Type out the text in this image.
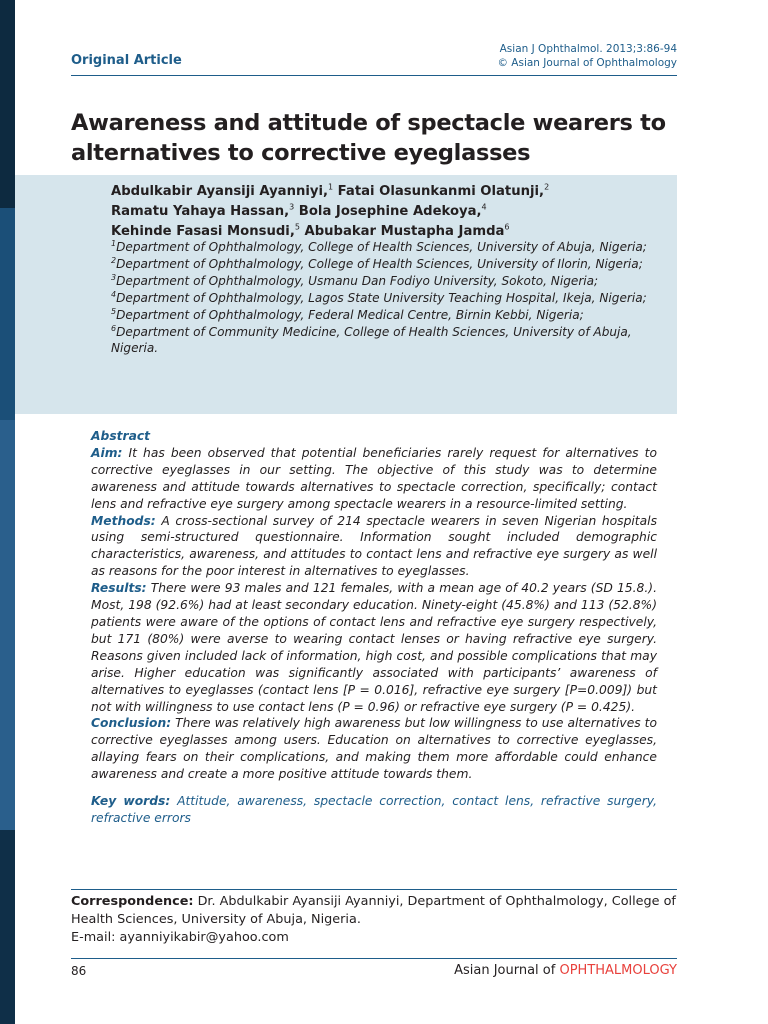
Asian J Ophthalmol. 2013;3:86-94
© Asian Journal of Ophthalmology
Original Article
Awareness and attitude of spectacle wearers to alternatives to corrective eyeglasses
Abdulkabir Ayansiji Ayanniyi,$^1$ Fatai Olasunkanmi Olatunji,$^2$
Ramatu Yahaya Hassan,$^3$ Bola Josephine Adekoya,$^4$
Kehinde Fasasi Monsudi,$^5$ Abubakar Mustapha Jamda$^6$
$^1$Department of Ophthalmology, College of Health Sciences, University of Abuja, Nigeria;
$^2$Department of Ophthalmology, College of Health Sciences, University of Ilorin, Nigeria;
$^3$Department of Ophthalmology, Usmanu Dan Fodiyo University, Sokoto, Nigeria;
$^4$Department of Ophthalmology, Lagos State University Teaching Hospital, Ikeja, Nigeria;
$^5$Department of Ophthalmology, Federal Medical Centre, Birnin Kebbi, Nigeria;
$^6$Department of Community Medicine, College of Health Sciences, University of Abuja, Nigeria.

Abstract

Aim: It has been observed that potential beneficiaries rarely request for alternatives to corrective eyeglasses in our setting. The objective of this study was to determine awareness and attitude towards alternatives to spectacle correction, specifically; contact lens and refractive eye surgery among spectacle wearers in a resource-limited setting.

Methods: A cross-sectional survey of 214 spectacle wearers in seven Nigerian hospitals using semi-structured questionnaire. Information sought included demographic characteristics, awareness, and attitudes to contact lens and refractive eye surgery as well as reasons for the poor interest in alternatives to eyeglasses.

Results: There were 93 males and 121 females, with a mean age of 40.2 years (SD 15.8.). Most, 198 (92.6%) had at least secondary education. Ninety-eight (45.8%) and 113 (52.8%) patients were aware of the options of contact lens and refractive eye surgery respectively, but 171 (80%) were averse to wearing contact lenses or having refractive eye surgery. Reasons given included lack of information, high cost, and possible complications that may arise. Higher education was significantly associated with participants’ awareness of alternatives to eyeglasses (contact lens [P = 0.016], refractive eye surgery [P=0.009]) but not with willingness to use contact lens (P = 0.96) or refractive eye surgery (P = 0.425).

Conclusion: There was relatively high awareness but low willingness to use alternatives to corrective eyeglasses among users. Education on alternatives to corrective eyeglasses, allaying fears on their complications, and making them more affordable could enhance awareness and create a more positive attitude towards them.

Key words: Attitude, awareness, spectacle correction, contact lens, refractive surgery, refractive errors

Correspondence: Dr. Abdulkabir Ayansiji Ayanniyi, Department of Ophthalmology, College of Health Sciences, University of Abuja, Nigeria.
E-mail: ayanniyikabir@yahoo.com
86	Asian Journal of OPHTHALMOLOGY
